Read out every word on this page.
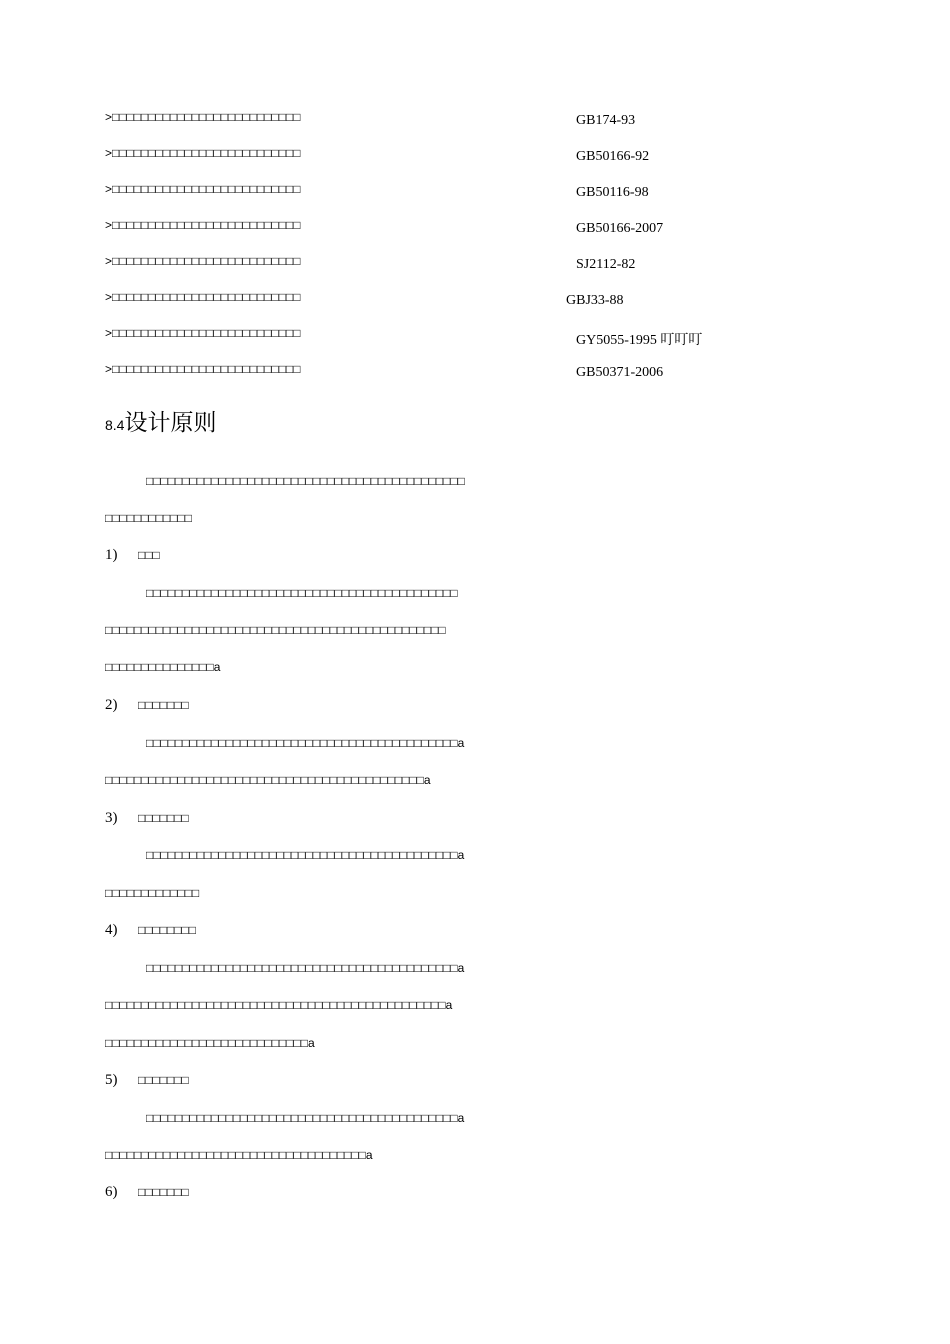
>□□□□□□□□□□□□□□□□□□□□□□□□□□	GB174-93
>□□□□□□□□□□□□□□□□□□□□□□□□□□	GB50166-92
>□□□□□□□□□□□□□□□□□□□□□□□□□□	GB50116-98
>□□□□□□□□□□□□□□□□□□□□□□□□□□	GB50166-2007
>□□□□□□□□□□□□□□□□□□□□□□□□□□	SJ2112-82
>□□□□□□□□□□□□□□□□□□□□□□□□□□	GBJ33-88
>□□□□□□□□□□□□□□□□□□□□□□□□□□	GY5055-1995 叮叮叮
>□□□□□□□□□□□□□□□□□□□□□□□□□□	GB50371-2006
8.4设计原则
□□□□□□□□□□□□□□□□□□□□□□□□□□□□□□□□□□□□□□□□□□□□
□□□□□□□□□□□□
1) □□□
□□□□□□□□□□□□□□□□□□□□□□□□□□□□□□□□□□□□□□□□□□□
□□□□□□□□□□□□□□□□□□□□□□□□□□□□□□□□□□□□□□□□□□□□□□□
□□□□□□□□□□□□□□□a
2) □□□□□□□
□□□□□□□□□□□□□□□□□□□□□□□□□□□□□□□□□□□□□□□□□□□a
□□□□□□□□□□□□□□□□□□□□□□□□□□□□□□□□□□□□□□□□□□□□a
3) □□□□□□□
□□□□□□□□□□□□□□□□□□□□□□□□□□□□□□□□□□□□□□□□□□□a
□□□□□□□□□□□□□
4) □□□□□□□□
□□□□□□□□□□□□□□□□□□□□□□□□□□□□□□□□□□□□□□□□□□□a
□□□□□□□□□□□□□□□□□□□□□□□□□□□□□□□□□□□□□□□□□□□□□□□a
□□□□□□□□□□□□□□□□□□□□□□□□□□□□a
5) □□□□□□□
□□□□□□□□□□□□□□□□□□□□□□□□□□□□□□□□□□□□□□□□□□□a
□□□□□□□□□□□□□□□□□□□□□□□□□□□□□□□□□□□□a
6) □□□□□□□
